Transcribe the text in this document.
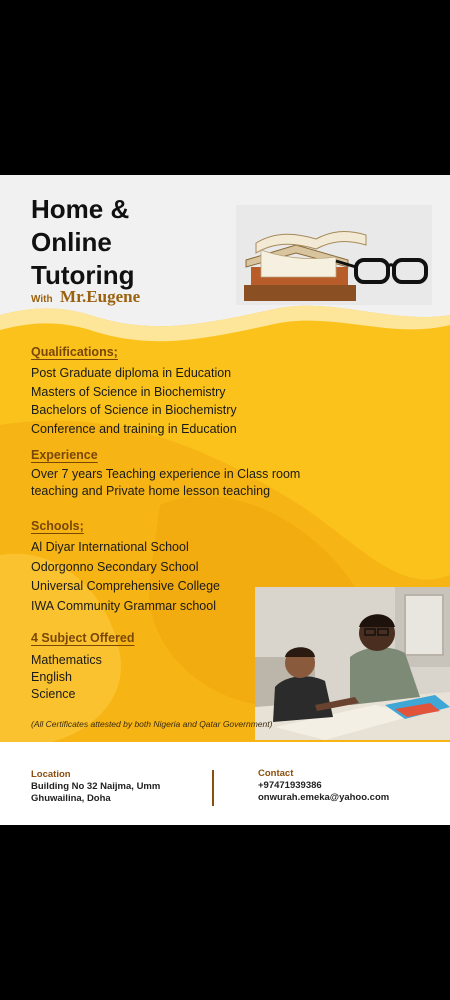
Home &
Online
Tutoring
With Mr.Eugene
Qualifications;
Post Graduate diploma in Education
Masters of Science in Biochemistry
Bachelors of Science in Biochemistry
Conference and training in Education
Experience

Over 7 years Teaching experience in Class room teaching and Private home lesson teaching

Schools;
Al Diyar International School
Odorgonno Secondary School
Universal Comprehensive College
IWA Community Grammar school
4 Subject Offered
Mathematics
English
Science

(All Certificates attested by both Nigeria and Qatar Government)

Location
Building No 32 Naijma, Umm Ghuwailina, Doha
Contact
+97471939386
onwurah.emeka@yahoo.com
